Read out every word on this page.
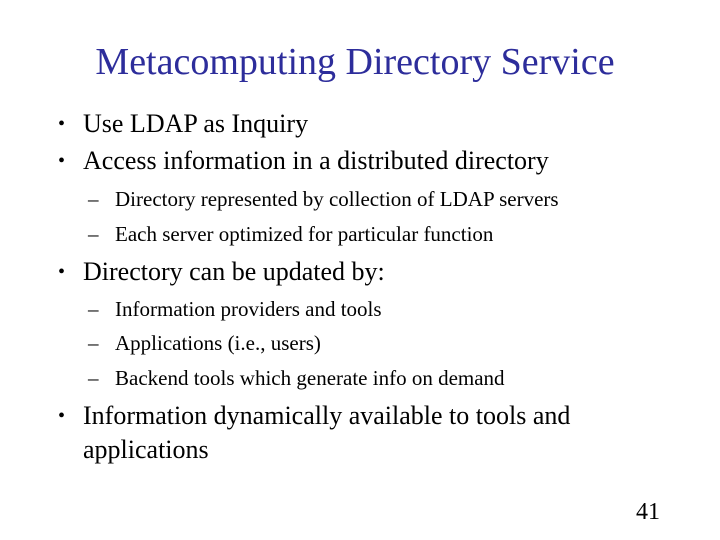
Metacomputing Directory Service
• Use LDAP as Inquiry
• Access information in a distributed directory
– Directory represented by collection of LDAP servers
– Each server optimized for particular function
• Directory can be updated by:
– Information providers and tools
– Applications (i.e., users)
– Backend tools which generate info on demand
• Information dynamically available to tools and
applications
41
